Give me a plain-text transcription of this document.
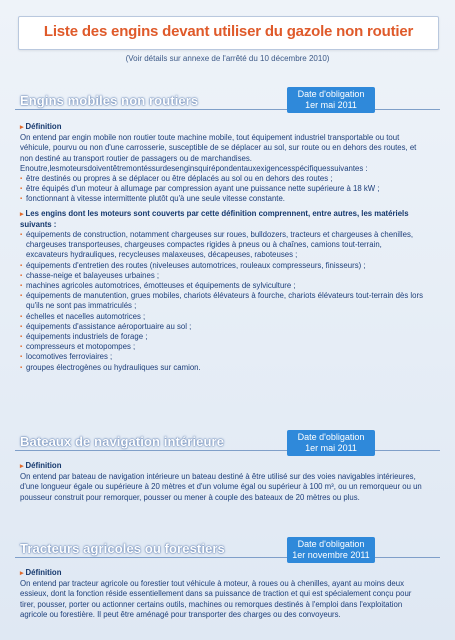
Liste des engins devant utiliser du gazole non routier
(Voir détails sur annexe de l'arrêté du 10 décembre 2010)
Engins mobiles non routiers	Date d'obligation
1er mai 2011
▸ Définition

On entend par engin mobile non routier toute machine mobile, tout équipement industriel transportable ou tout véhicule, pourvu ou non d'une carrosserie, susceptible de se déplacer au sol, sur route ou en dehors des routes, et non destiné au transport routier de passagers ou de marchandises.

Enoutre,lesmoteursdoiventêtremontéssurdesenginsquirépondentauxexigencesspécifiquessuivantes :

▪ être destinés ou propres à se déplacer ou être déplacés au sol ou en dehors des routes ;
▪ être équipés d'un moteur à allumage par compression ayant une puissance nette supérieure à 18 kW ;
▪ fonctionnant à vitesse intermittente plutôt qu'à une seule vitesse constante.
▸ Les engins dont les moteurs sont couverts par cette définition comprennent, entre autres, les matériels suivants :
▪ équipements de construction, notamment chargeuses sur roues, bulldozers, tracteurs et chargeuses à chenilles, chargeuses transporteuses, chargeuses compactes rigides à pneus ou à chaînes, camions tout-terrain, excavateurs hydrauliques, recycleuses malaxeuses, décapeuses, raboteuses ;
▪ équipements d'entretien des routes (niveleuses automotrices, rouleaux compresseurs, finisseurs) ;
▪ chasse-neige et balayeuses urbaines ;
▪ machines agricoles automotrices, émotteuses et équipements de sylviculture ;
▪ équipements de manutention, grues mobiles, chariots élévateurs à fourche, chariots élévateurs tout-terrain dès lors qu'ils ne sont pas immatriculés ;
▪ échelles et nacelles automotrices ;
▪ équipements d'assistance aéroportuaire au sol ;
▪ équipements industriels de forage ;
▪ compresseurs et motopompes ;
▪ locomotives ferroviaires ;
▪ groupes électrogènes ou hydrauliques sur camion.
Bateaux de navigation intérieure	Date d'obligation
1er mai 2011
▸ Définition

On entend par bateau de navigation intérieure un bateau destiné à être utilisé sur des voies navigables intérieures, d'une longueur égale ou supérieure à 20 mètres et d'un volume égal ou supérieur à 100 m³, ou un remorqueur ou un pousseur construit pour remorquer, pousser ou mener à couple des bateaux de 20 mètres ou plus.

Tracteurs agricoles ou forestiers	Date d'obligation
1er novembre 2011
▸ Définition

On entend par tracteur agricole ou forestier tout véhicule à moteur, à roues ou à chenilles, ayant au moins deux essieux, dont la fonction réside essentiellement dans sa puissance de traction et qui est spécialement conçu pour tirer, pousser, porter ou actionner certains outils, machines ou remorques destinés à l'emploi dans l'exploitation agricole ou forestière. Il peut être aménagé pour transporter des charges ou des convoyeurs.
